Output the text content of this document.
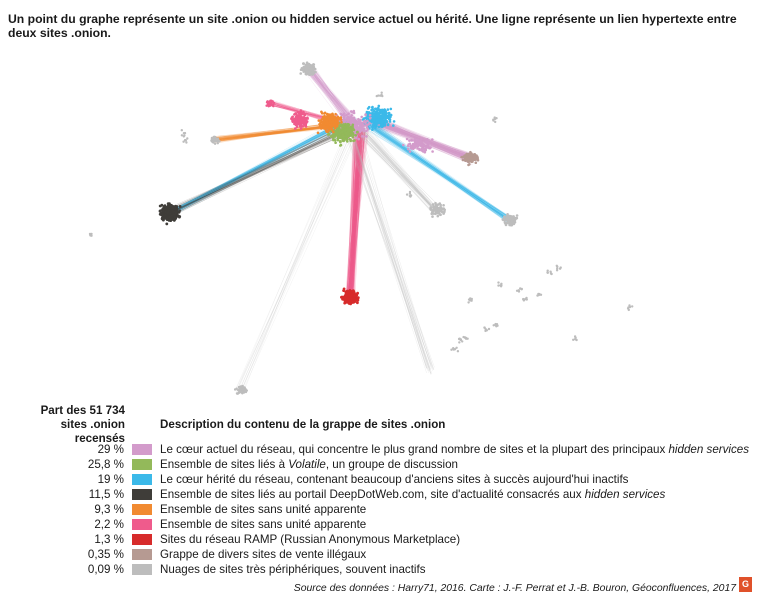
Un point du graphe représente un site .onion ou hidden service actuel ou hérité. Une ligne représente un lien hypertexte entre deux sites .onion.
Part des 51 734
sites .onion recensés
Description du contenu de la grappe de sites .onion
29 %	Le cœur actuel du réseau, qui concentre le plus grand nombre de sites et la plupart des principaux hidden services
25,8 %	Ensemble de sites liés à Volatile, un groupe de discussion
19 %	Le cœur hérité du réseau, contenant beaucoup d'anciens sites à succès aujourd'hui inactifs
11,5 %	Ensemble de sites liés au portail DeepDotWeb.com, site d'actualité consacrés aux hidden services
9,3 %	Ensemble de sites sans unité apparente
2,2 %	Ensemble de sites sans unité apparente
1,3 %	Sites du réseau RAMP (Russian Anonymous Marketplace)
0,35 %	Grappe de divers sites de vente illégaux
0,09 %	Nuages de sites très périphériques, souvent inactifs
Source des données : Harry71, 2016. Carte : J.-F. Perrat et J.-B. Bouron, Géoconfluences, 2017 G
